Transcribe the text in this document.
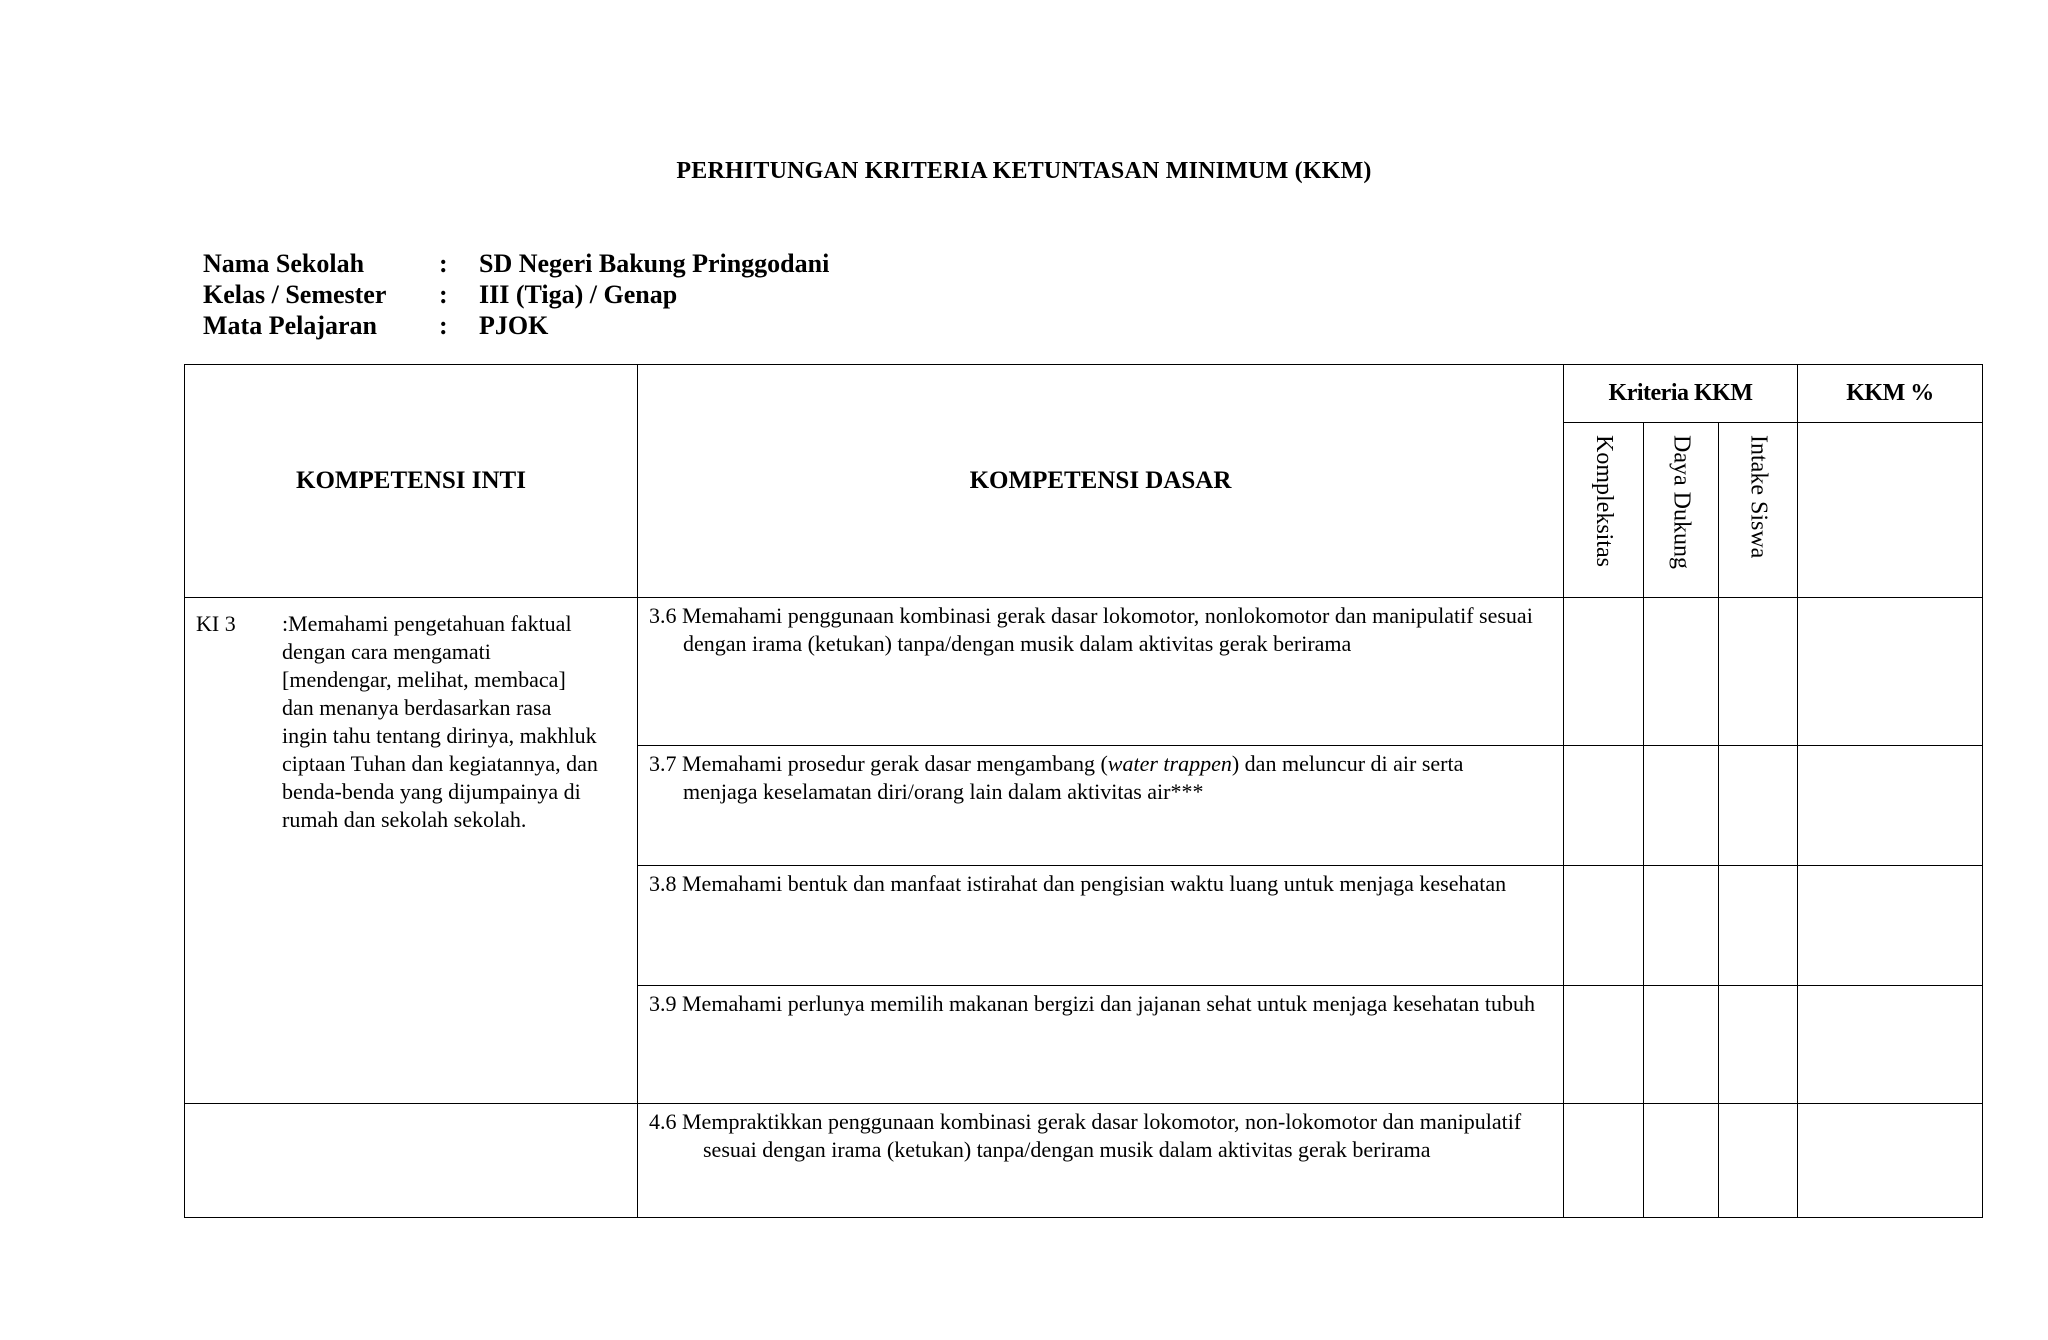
PERHITUNGAN KRITERIA KETUNTASAN MINIMUM (KKM)
Nama Sekolah	:	SD Negeri Bakung Pringgodani
Kelas / Semester	:	III (Tiga) / Genap
Mata Pelajaran	:	PJOK
KOMPETENSI INTI	KOMPETENSI DASAR	Kriteria KKM			KKM %
		Kompleksitas	Daya Dukung	Intake Siswa	

KI 3 :Memahami pengetahuan faktual dengan cara mengamati [mendengar, melihat, membaca] dan menanya berdasarkan rasa ingin tahu tentang dirinya, makhluk ciptaan Tuhan dan kegiatannya, dan benda-benda yang dijumpainya di rumah dan sekolah sekolah.	3.6 Memahami penggunaan kombinasi gerak dasar lokomotor, nonlokomotor dan manipulatif sesuai dengan irama (ketukan) tanpa/dengan musik dalam aktivitas gerak berirama				

	3.7 Memahami prosedur gerak dasar mengambang (water trappen) dan meluncur di air serta menjaga keselamatan diri/orang lain dalam aktivitas air***				

	3.8 Memahami bentuk dan manfaat istirahat dan pengisian waktu luang untuk menjaga kesehatan				

	3.9 Memahami perlunya memilih makanan bergizi dan jajanan sehat untuk menjaga kesehatan tubuh				

	4.6 Mempraktikkan penggunaan kombinasi gerak dasar lokomotor, non-lokomotor dan manipulatif sesuai dengan irama (ketukan) tanpa/dengan musik dalam aktivitas gerak berirama				
